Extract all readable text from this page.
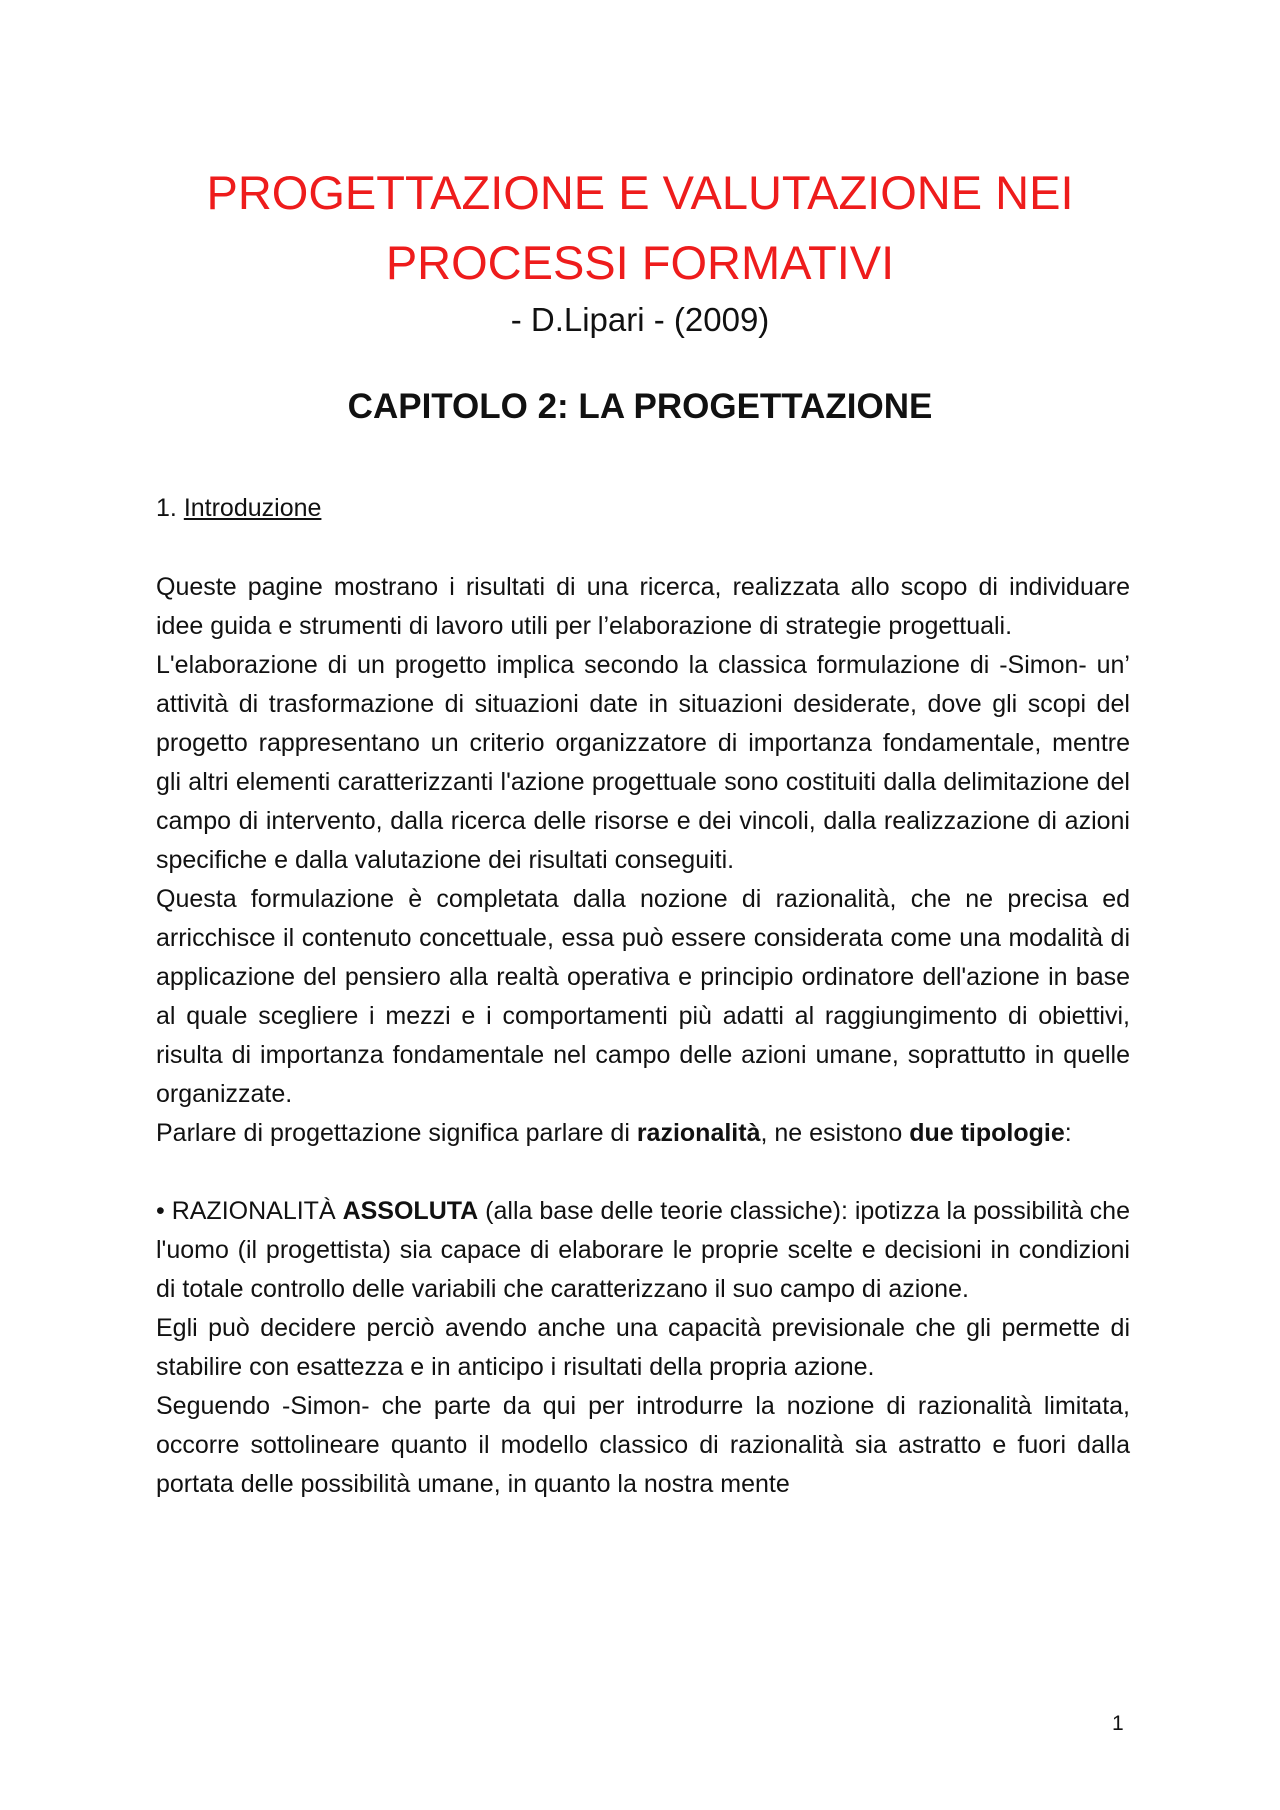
PROGETTAZIONE E VALUTAZIONE NEI
PROCESSI FORMATIVI
- D.Lipari - (2009)
CAPITOLO 2: LA PROGETTAZIONE
1. Introduzione

Queste pagine mostrano i risultati di una ricerca, realizzata allo scopo di individuare idee guida e strumenti di lavoro utili per l’elaborazione di strategie progettuali.

L'elaborazione di un progetto implica secondo la classica formulazione di -Simon- un’ attività di trasformazione di situazioni date in situazioni desiderate, dove gli scopi del progetto rappresentano un criterio organizzatore di importanza fondamentale, mentre gli altri elementi caratterizzanti l'azione progettuale sono costituiti dalla delimitazione del campo di intervento, dalla ricerca delle risorse e dei vincoli, dalla realizzazione di azioni specifiche e dalla valutazione dei risultati conseguiti.

Questa formulazione è completata dalla nozione di razionalità, che ne precisa ed arricchisce il contenuto concettuale, essa può essere considerata come una modalità di applicazione del pensiero alla realtà operativa e principio ordinatore dell'azione in base al quale scegliere i mezzi e i comportamenti più adatti al raggiungimento di obiettivi, risulta di importanza fondamentale nel campo delle azioni umane, soprattutto in quelle organizzate.

Parlare di progettazione significa parlare di razionalità, ne esistono due tipologie:

• RAZIONALITÀ ASSOLUTA (alla base delle teorie classiche): ipotizza la possibilità che l'uomo (il progettista) sia capace di elaborare le proprie scelte e decisioni in condizioni di totale controllo delle variabili che caratterizzano il suo campo di azione.

Egli può decidere perciò avendo anche una capacità previsionale che gli permette di stabilire con esattezza e in anticipo i risultati della propria azione.

Seguendo -Simon- che parte da qui per introdurre la nozione di razionalità limitata, occorre sottolineare quanto il modello classico di razionalità sia astratto e fuori dalla portata delle possibilità umane, in quanto la nostra mente

1
